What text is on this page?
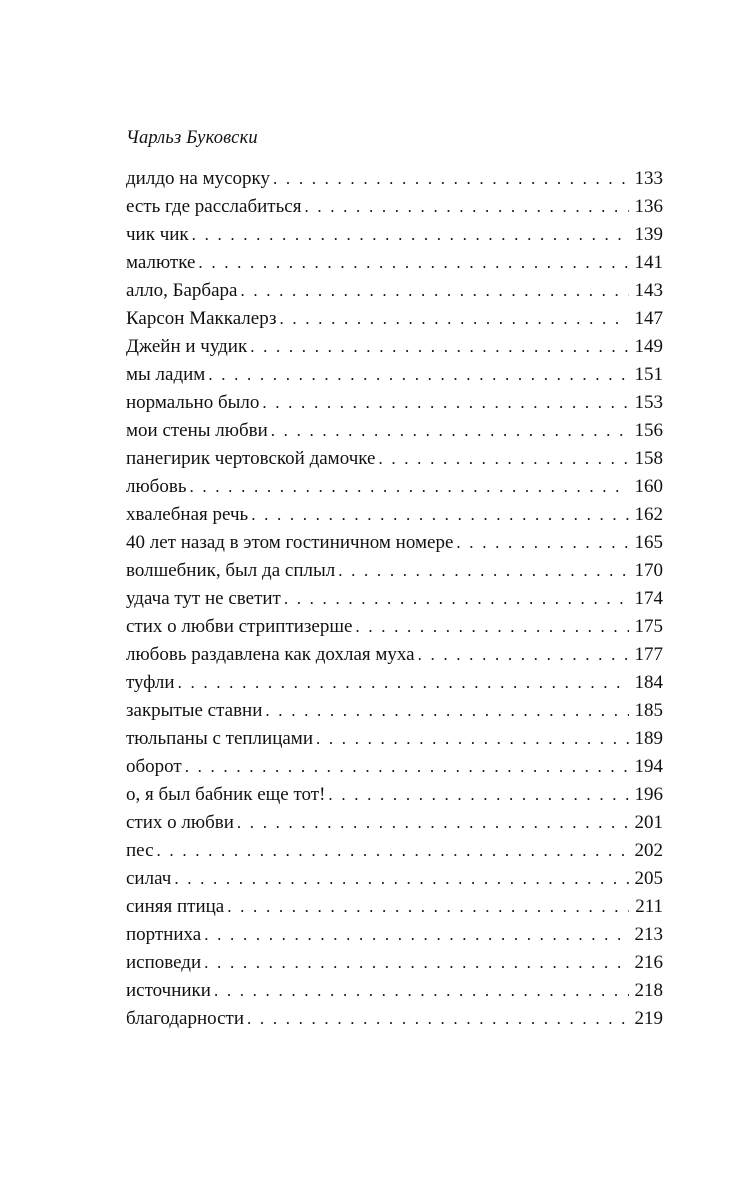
Чарльз Буковски
дилдо на мусорку . . .	133
есть где расслабиться . . .	136
чик чик . . .	139
малютке . . .	141
алло, Барбара . . .	143
Карсон Маккалерз . . .	147
Джейн и чудик . . .	149
мы ладим . . .	151
нормально было . . .	153
мои стены любви . . .	156
панегирик чертовской дамочке . . .	158
любовь . . .	160
хвалебная речь . . .	162
40 лет назад в этом гостиничном номере . . .	165
волшебник, был да сплыл . . .	170
удача тут не светит . . .	174
стих о любви стриптизерше . . .	175
любовь раздавлена как дохлая муха . . .	177
туфли . . .	184
закрытые ставни . . .	185
тюльпаны с теплицами . . .	189
оборот . . .	194
о, я был бабник еще тот! . . .	196
стих о любви . . .	201
пес . . .	202
силач . . .	205
синяя птица . . .	211
портниха . . .	213
исповеди . . .	216
источники . . .	218
благодарности . . .	219
